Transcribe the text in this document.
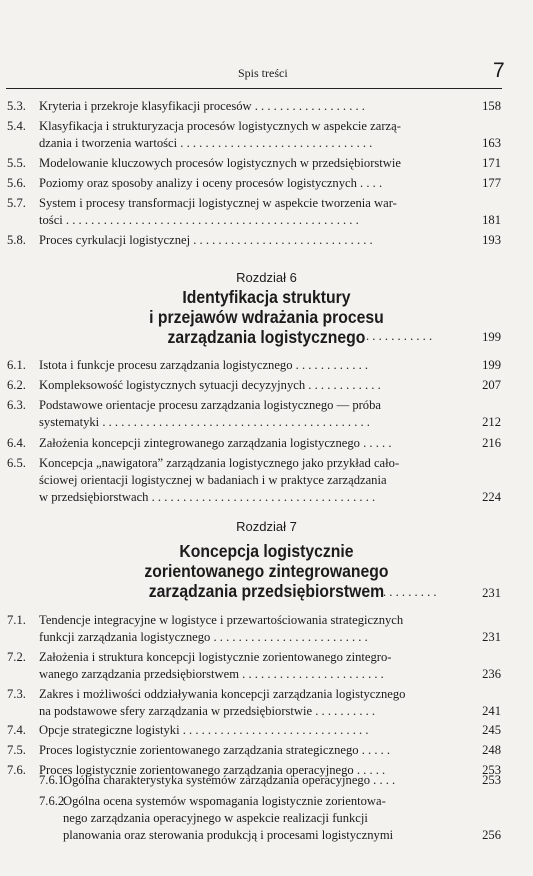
Spis treści	7
5.3. Kryteria i przekroje klasyfikacji procesów . . . . . . . . . . . . . . . . . .	158
5.4. Klasyfikacja i strukturyzacja procesów logistycznych w aspekcie zarzą-
dzania i tworzenia wartości . . . . . . . . . . . . . . . . . . . . . . . . . . . . . . .	163
5.5. Modelowanie kluczowych procesów logistycznych w przedsiębiorstwie	171
5.6. Poziomy oraz sposoby analizy i oceny procesów logistycznych . . . .	177
5.7. System i procesy transformacji logistycznej w aspekcie tworzenia war-
tości . . . . . . . . . . . . . . . . . . . . . . . . . . . . . . . . . . . . . . . . . . . . . . .	181
5.8. Proces cyrkulacji logistycznej . . . . . . . . . . . . . . . . . . . . . . . . . . . . .	193
Rozdział 6
Identyfikacja struktury
i przejawów wdrażania procesu
zarządzania logistycznego . . . . . . . . . . .	199
6.1. Istota i funkcje procesu zarządzania logistycznego . . . . . . . . . . . .	199
6.2. Kompleksowość logistycznych sytuacji decyzyjnych . . . . . . . . . . . .	207
6.3. Podstawowe orientacje procesu zarządzania logistycznego — próba
systematyki . . . . . . . . . . . . . . . . . . . . . . . . . . . . . . . . . . . . . . . . . . .	212
6.4. Założenia koncepcji zintegrowanego zarządzania logistycznego . . . . .	216
6.5. Koncepcja „nawigatora” zarządzania logistycznego jako przykład cało-
ściowej orientacji logistycznej w badaniach i w praktyce zarządzania
w przedsiębiorstwach . . . . . . . . . . . . . . . . . . . . . . . . . . . . . . . . . . . .	224
Rozdział 7
Koncepcja logistycznie
zorientowanego zintegrowanego
zarządzania przedsiębiorstwem
. . . . . . . . .	231
7.1. Tendencje integracyjne w logistyce i przewartościowania strategicznych
funkcji zarządzania logistycznego . . . . . . . . . . . . . . . . . . . . . . . . .	231
7.2. Założenia i struktura koncepcji logistycznie zorientowanego zintegro-
wanego zarządzania przedsiębiorstwem . . . . . . . . . . . . . . . . . . . . . . .	236
7.3. Zakres i możliwości oddziaływania koncepcji zarządzania logistycznego
na podstawowe sfery zarządzania w przedsiębiorstwie . . . . . . . . . .	241
7.4. Opcje strategiczne logistyki . . . . . . . . . . . . . . . . . . . . . . . . . . . . . .	245
7.5. Proces logistycznie zorientowanego zarządzania strategicznego . . . . .	248
7.6. Proces logistycznie zorientowanego zarządzania operacyjnego . . . . .	253
7.6.1.
Ogólna charakterystyka systemów zarządzania operacyjnego . . . .	253
7.6.2.
Ogólna ocena systemów wspomagania logistycznie zorientowa-
nego zarządzania operacyjnego w aspekcie realizacji funkcji
planowania oraz sterowania produkcją i procesami logistycznymi	256
